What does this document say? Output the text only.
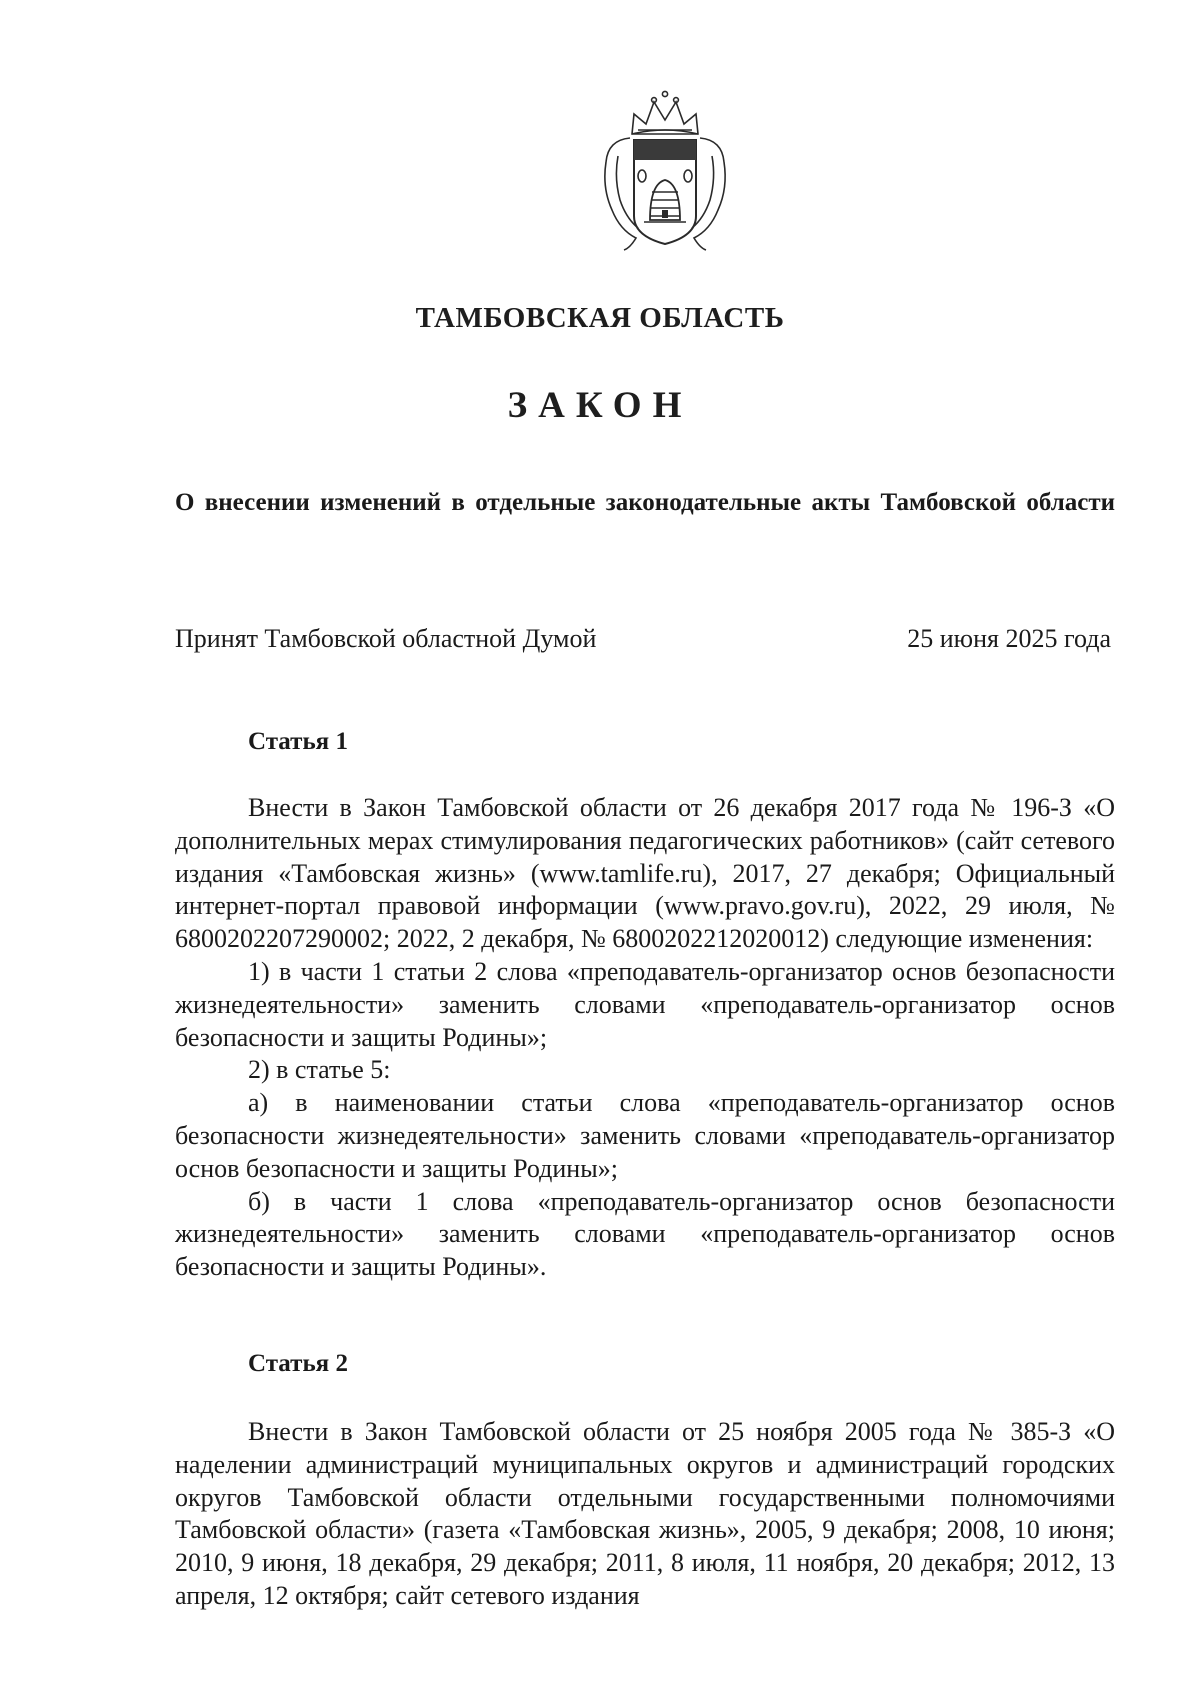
ТАМБОВСКАЯ ОБЛАСТЬ
ЗАКОН
О внесении изменений в отдельные законодательные акты Тамбовской области
Принят Тамбовской областной Думой	25 июня 2025 года
Статья 1

Внести в Закон Тамбовской области от 26 декабря 2017 года № 196-З «О дополнительных мерах стимулирования педагогических работников» (сайт сетевого издания «Тамбовская жизнь» (www.tamlife.ru), 2017, 27 декабря; Официальный интернет-портал правовой информации (www.pravo.gov.ru), 2022, 29 июля, № 6800202207290002; 2022, 2 декабря, № 6800202212020012) следующие изменения:

1) в части 1 статьи 2 слова «преподаватель-организатор основ безопасности жизнедеятельности» заменить словами «преподаватель-организатор основ безопасности и защиты Родины»;

2) в статье 5:

а) в наименовании статьи слова «преподаватель-организатор основ безопасности жизнедеятельности» заменить словами «преподаватель-организатор основ безопасности и защиты Родины»;

б) в части 1 слова «преподаватель-организатор основ безопасности жизнедеятельности» заменить словами «преподаватель-организатор основ безопасности и защиты Родины».

Статья 2

Внести в Закон Тамбовской области от 25 ноября 2005 года № 385-З «О наделении администраций муниципальных округов и администраций городских округов Тамбовской области отдельными государственными полномочиями Тамбовской области» (газета «Тамбовская жизнь», 2005, 9 декабря; 2008, 10 июня; 2010, 9 июня, 18 декабря, 29 декабря; 2011, 8 июля, 11 ноября, 20 декабря; 2012, 13 апреля, 12 октября; сайт сетевого издания
